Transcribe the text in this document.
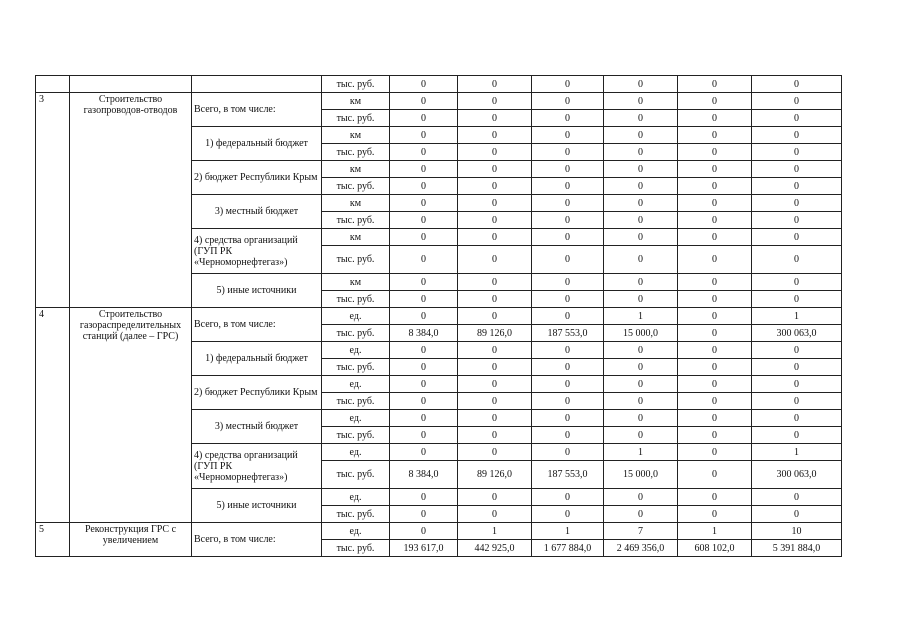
			тыс. руб.	0	0	0	0	0	0
3	Строительство газопроводов-отводов	Всего, в том числе:	км	0	0	0	0	0	0
			тыс. руб.	0	0	0	0	0	0
		1) федеральный бюджет	км	0	0	0	0	0	0
			тыс. руб.	0	0	0	0	0	0
		2) бюджет Республики Крым	км	0	0	0	0	0	0
			тыс. руб.	0	0	0	0	0	0
		3) местный бюджет	км	0	0	0	0	0	0
			тыс. руб.	0	0	0	0	0	0
		4) средства организаций (ГУП РК «Черноморнефтегаз»)	км	0	0	0	0	0	0
			тыс. руб.	0	0	0	0	0	0
		5) иные источники	км	0	0	0	0	0	0
			тыс. руб.	0	0	0	0	0	0
4	Строительство газораспределительных станций (далее – ГРС)	Всего, в том числе:	ед.	0	0	0	1	0	1
			тыс. руб.	8 384,0	89 126,0	187 553,0	15 000,0	0	300 063,0
		1) федеральный бюджет	ед.	0	0	0	0	0	0
			тыс. руб.	0	0	0	0	0	0
		2) бюджет Республики Крым	ед.	0	0	0	0	0	0
			тыс. руб.	0	0	0	0	0	0
		3) местный бюджет	ед.	0	0	0	0	0	0
			тыс. руб.	0	0	0	0	0	0
		4) средства организаций (ГУП РК «Черноморнефтегаз»)	ед.	0	0	0	1	0	1
			тыс. руб.	8 384,0	89 126,0	187 553,0	15 000,0	0	300 063,0
		5) иные источники	ед.	0	0	0	0	0	0
			тыс. руб.	0	0	0	0	0	0
5	Реконструкция ГРС с увеличением	Всего, в том числе:	ед.	0	1	1	7	1	10
			тыс. руб.	193 617,0	442 925,0	1 677 884,0	2 469 356,0	608 102,0	5 391 884,0
